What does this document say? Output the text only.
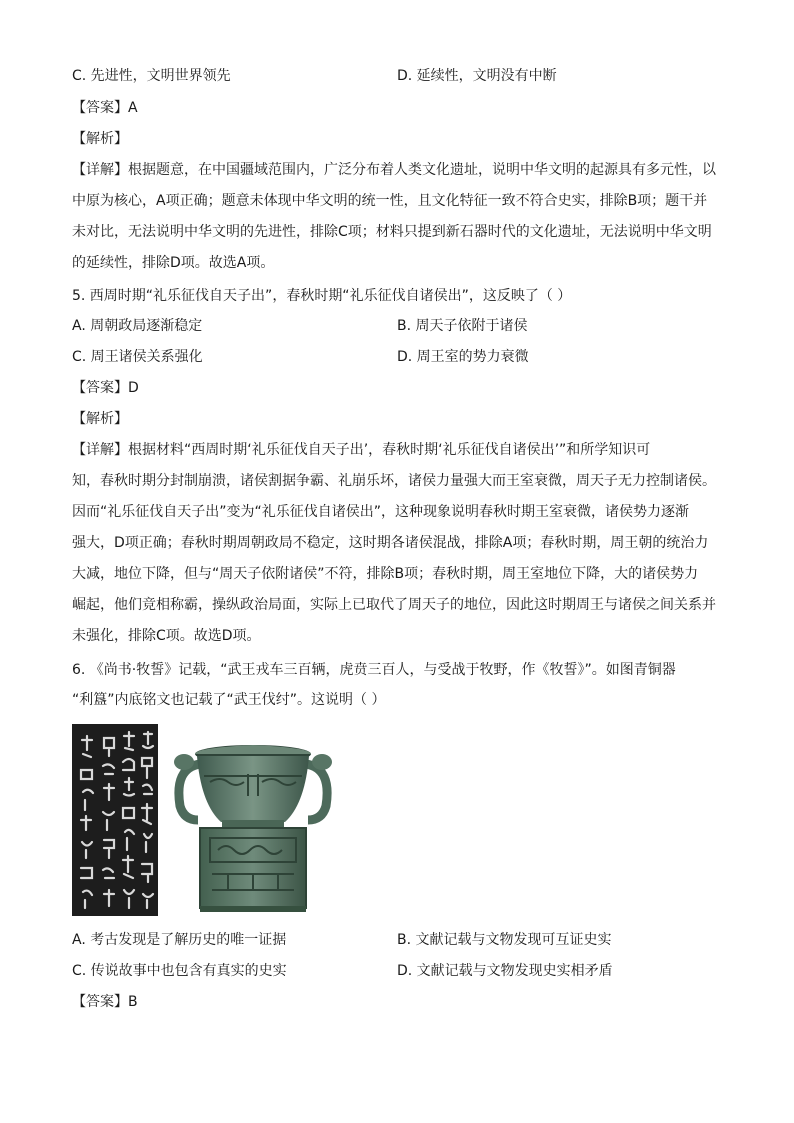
C. 先进性，文明世界领先	D. 延续性，文明没有中断
【答案】A
【解析】

【详解】根据题意，在中国疆域范围内，广泛分布着人类文化遗址，说明中华文明的起源具有多元性，以

中原为核心，A项正确；题意未体现中华文明的统一性，且文化特征一致不符合史实，排除B项；题干并

未对比，无法说明中华文明的先进性，排除C项；材料只提到新石器时代的文化遗址，无法说明中华文明

的延续性，排除D项。故选A项。

5. 西周时期“礼乐征伐自天子出”，春秋时期“礼乐征伐自诸侯出”，这反映了（ ）
A. 周朝政局逐渐稳定	B. 周天子依附于诸侯
C. 周王诸侯关系强化	D. 周王室的势力衰微
【答案】D
【解析】

【详解】根据材料“西周时期‘礼乐征伐自天子出’，春秋时期‘礼乐征伐自诸侯出’”和所学知识可

知，春秋时期分封制崩溃，诸侯割据争霸、礼崩乐坏，诸侯力量强大而王室衰微，周天子无力控制诸侯。

因而“礼乐征伐自天子出”变为“礼乐征伐自诸侯出”，这种现象说明春秋时期王室衰微，诸侯势力逐渐

强大，D项正确；春秋时期周朝政局不稳定，这时期各诸侯混战，排除A项；春秋时期，周王朝的统治力

大减，地位下降，但与“周天子依附诸侯”不符，排除B项；春秋时期，周王室地位下降，大的诸侯势力

崛起，他们竞相称霸，操纵政治局面，实际上已取代了周天子的地位，因此这时期周王与诸侯之间关系并

未强化，排除C项。故选D项。

6. 《尚书·牧誓》记载，“武王戎车三百辆，虎贲三百人，与受战于牧野，作《牧誓》”。如图青铜器
“利簋”内底铭文也记载了“武王伐纣”。这说明（ ）
A. 考古发现是了解历史的唯一证据	B. 文献记载与文物发现可互证史实
C. 传说故事中也包含有真实的史实	D. 文献记载与文物发现史实相矛盾
【答案】B
